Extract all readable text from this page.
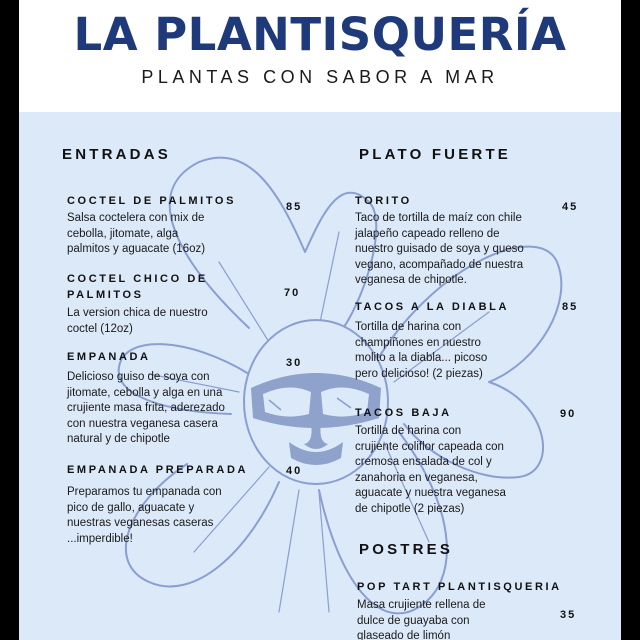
LA PLANTISQUERÍA
PLANTAS CON SABOR A MAR
ENTRADAS
COCTEL DE PALMITOS
Salsa coctelera con mix de
cebolla, jitomate, alga
palmitos y aguacate (16oz)
85
COCTEL CHICO DE
PALMITOS
La version chica de nuestro
coctel (12oz)
70
EMPANADA
Delicioso guiso de soya con
jitomate, cebolla y alga en una
crujiente masa frita, aderezado
con nuestra veganesa casera
natural y de chipotle
30
EMPANADA PREPARADA
Preparamos tu empanada con
pico de gallo, aguacate y
nuestras veganesas caseras
...imperdible!
40
PLATO FUERTE
TORITO
Taco de tortilla de maíz con chile
jalapeño capeado relleno de
nuestro guisado de soya y queso
vegano, acompañado de nuestra
veganesa de chipotle.
45
TACOS A LA DIABLA
Tortilla de harina con
champiñones en nuestro
molito a la diabla... picoso
pero delicioso! (2 piezas)
85
TACOS BAJA
Tortilla de harina con
crujiente coliflor capeada con
cremosa ensalada de col y
zanahoria en veganesa,
aguacate y nuestra veganesa
de chipotle (2 piezas)
90
POSTRES
POP TART PLANTISQUERIA
Masa crujiente rellena de
dulce de guayaba con
glaseado de limón
35
